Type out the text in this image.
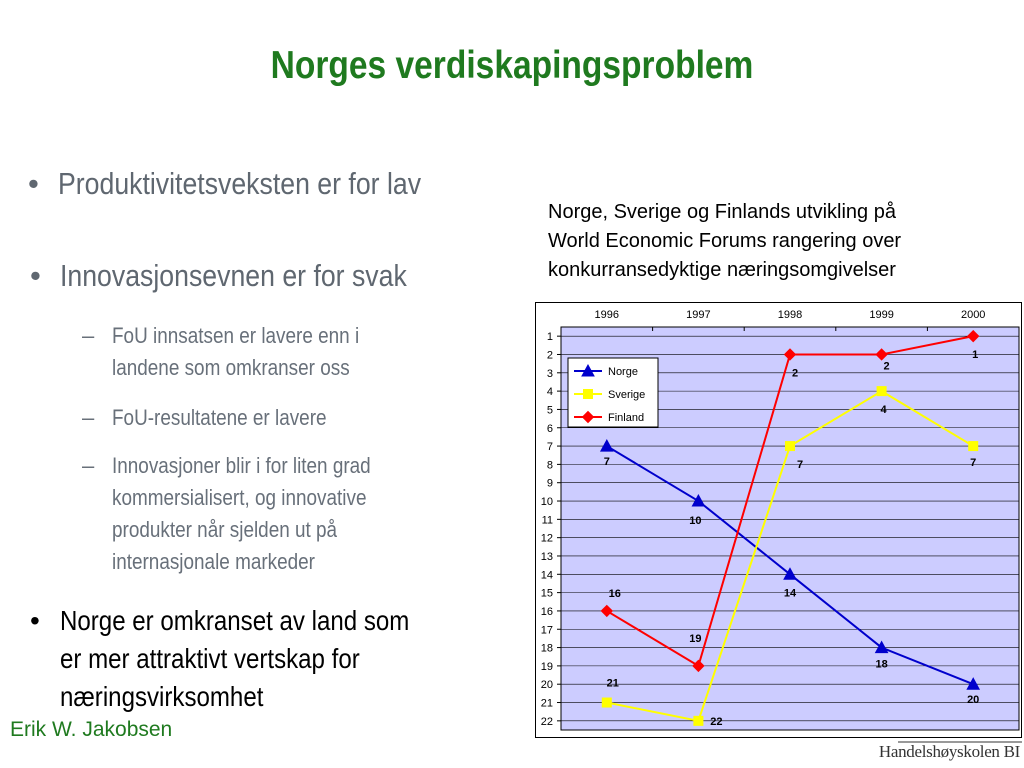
Norges verdiskapingsproblem
• Produktivitetsveksten er for lav
• Innovasjonsevnen er for svak
– FoU innsatsen er lavere enn i
landene som omkranser oss
– FoU-resultatene er lavere
– Innovasjoner blir i for liten grad
kommersialisert, og innovative
produkter når sjelden ut på
internasjonale markeder
• Norge er omkranset av land som
er mer attraktivt vertskap for
næringsvirksomhet
Erik W. Jakobsen
Norge, Sverige og Finlands utvikling på
World Economic Forums rangering over
konkurransedyktige næringsomgivelser
1
2
3
4
5
6
7
8
9
10
11
12
13
14
15
16
17
18
19
20
21
22
1996	1997	1998	1999	2000
7
10
14
18
20
21
22
7
4
7
16
19
2
2
1
Norge
Sverige
Finland
Handelshøyskolen BI
